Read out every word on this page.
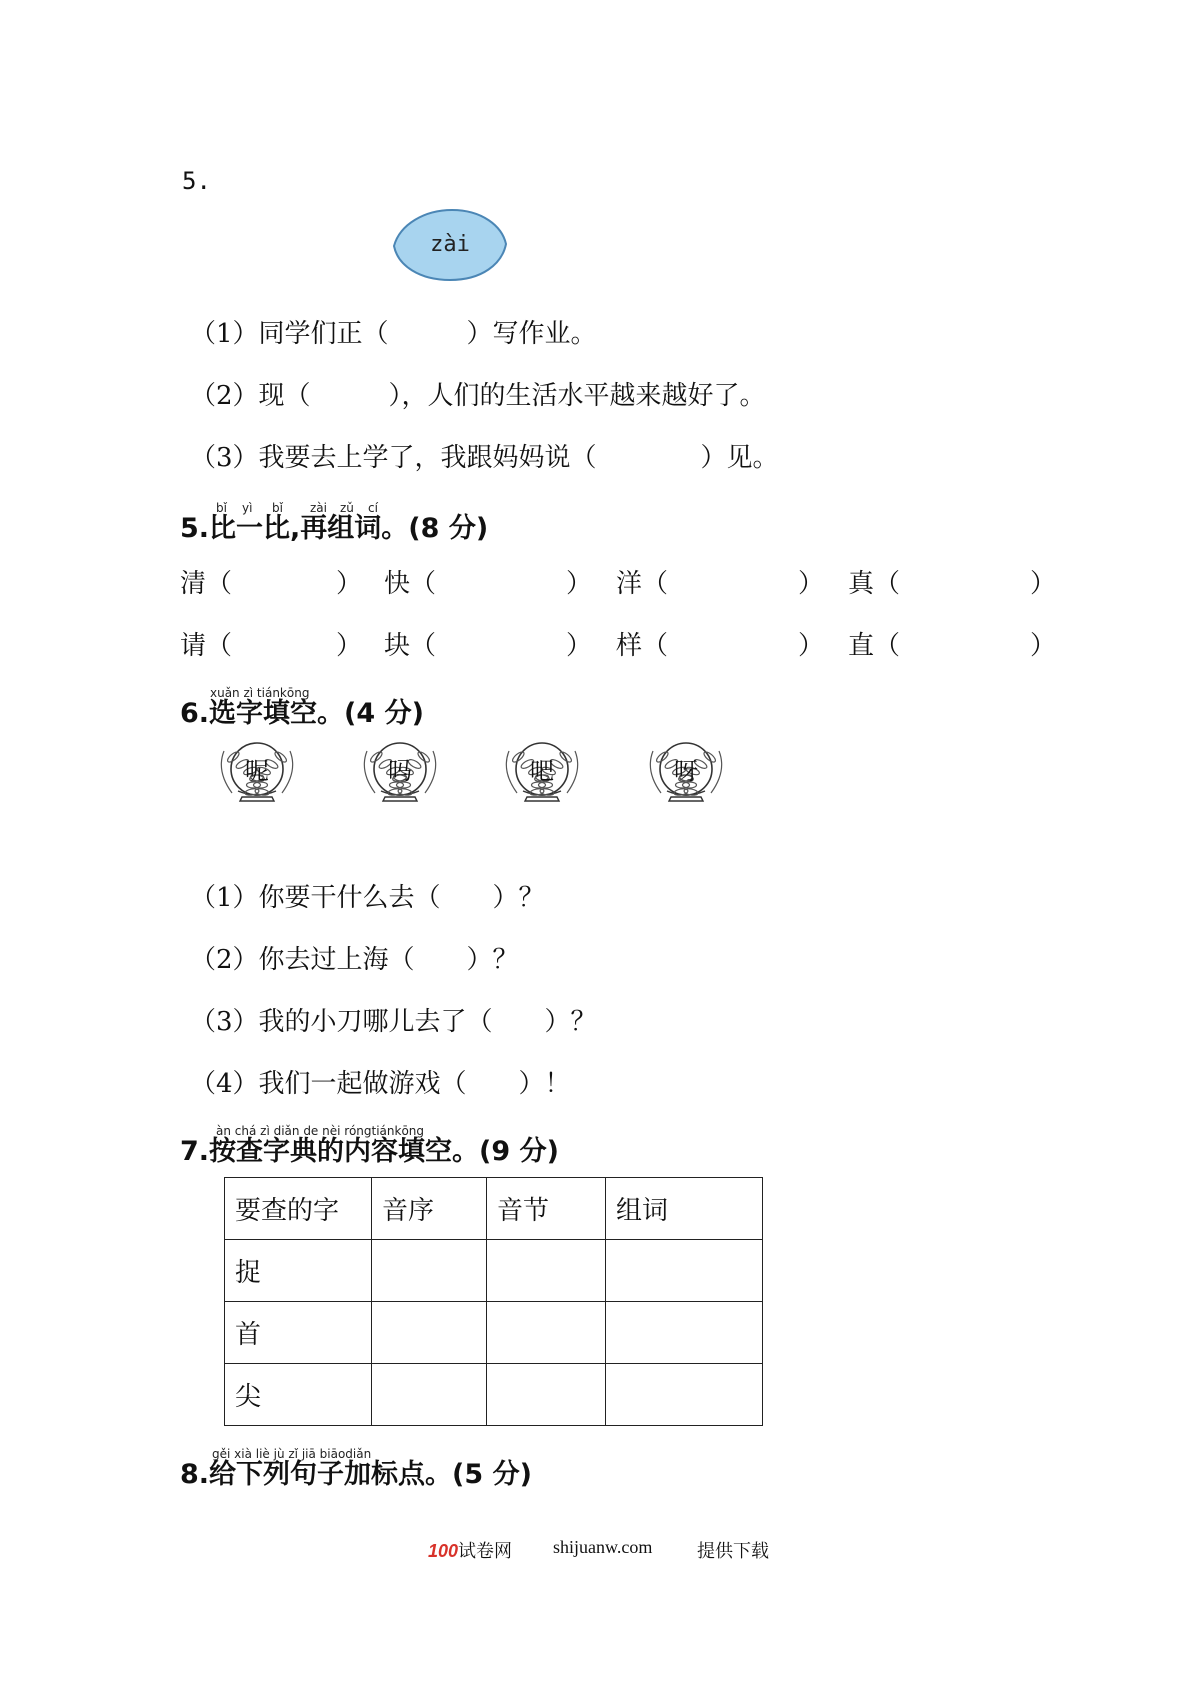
5.
zài
（1）同学们正（　　　）写作业。
（2）现（　　　），人们的生活水平越来越好了。
（3）我要去上学了，我跟妈妈说（　　　　）见。
bǐ yì bǐ zài zǔ cí
5.比一比,再组词。(8 分)
清（　　　　） 快（　　　　　） 洋（　　　　　） 真（　　　　　）
请（　　　　） 块（　　　　　） 样（　　　　　） 直（　　　　　）
xuǎn zì tiánkōng
6.选字填空。(4 分)
呢	吗	吧	呀
（1）你要干什么去（　　）？
（2）你去过上海（　　）？
（3）我的小刀哪儿去了（　　）？
（4）我们一起做游戏（　　）！
àn chá zì diǎn de nèi róngtiánkōng
7.按查字典的内容填空。(9 分)
要查的字	音序	音节	组词
捉			
首			
尖			
gěi xià liè jù zǐ jiā biāodiǎn
8.给下列句子加标点。(5 分)
100试卷网 shijuanw.com 提供下载
